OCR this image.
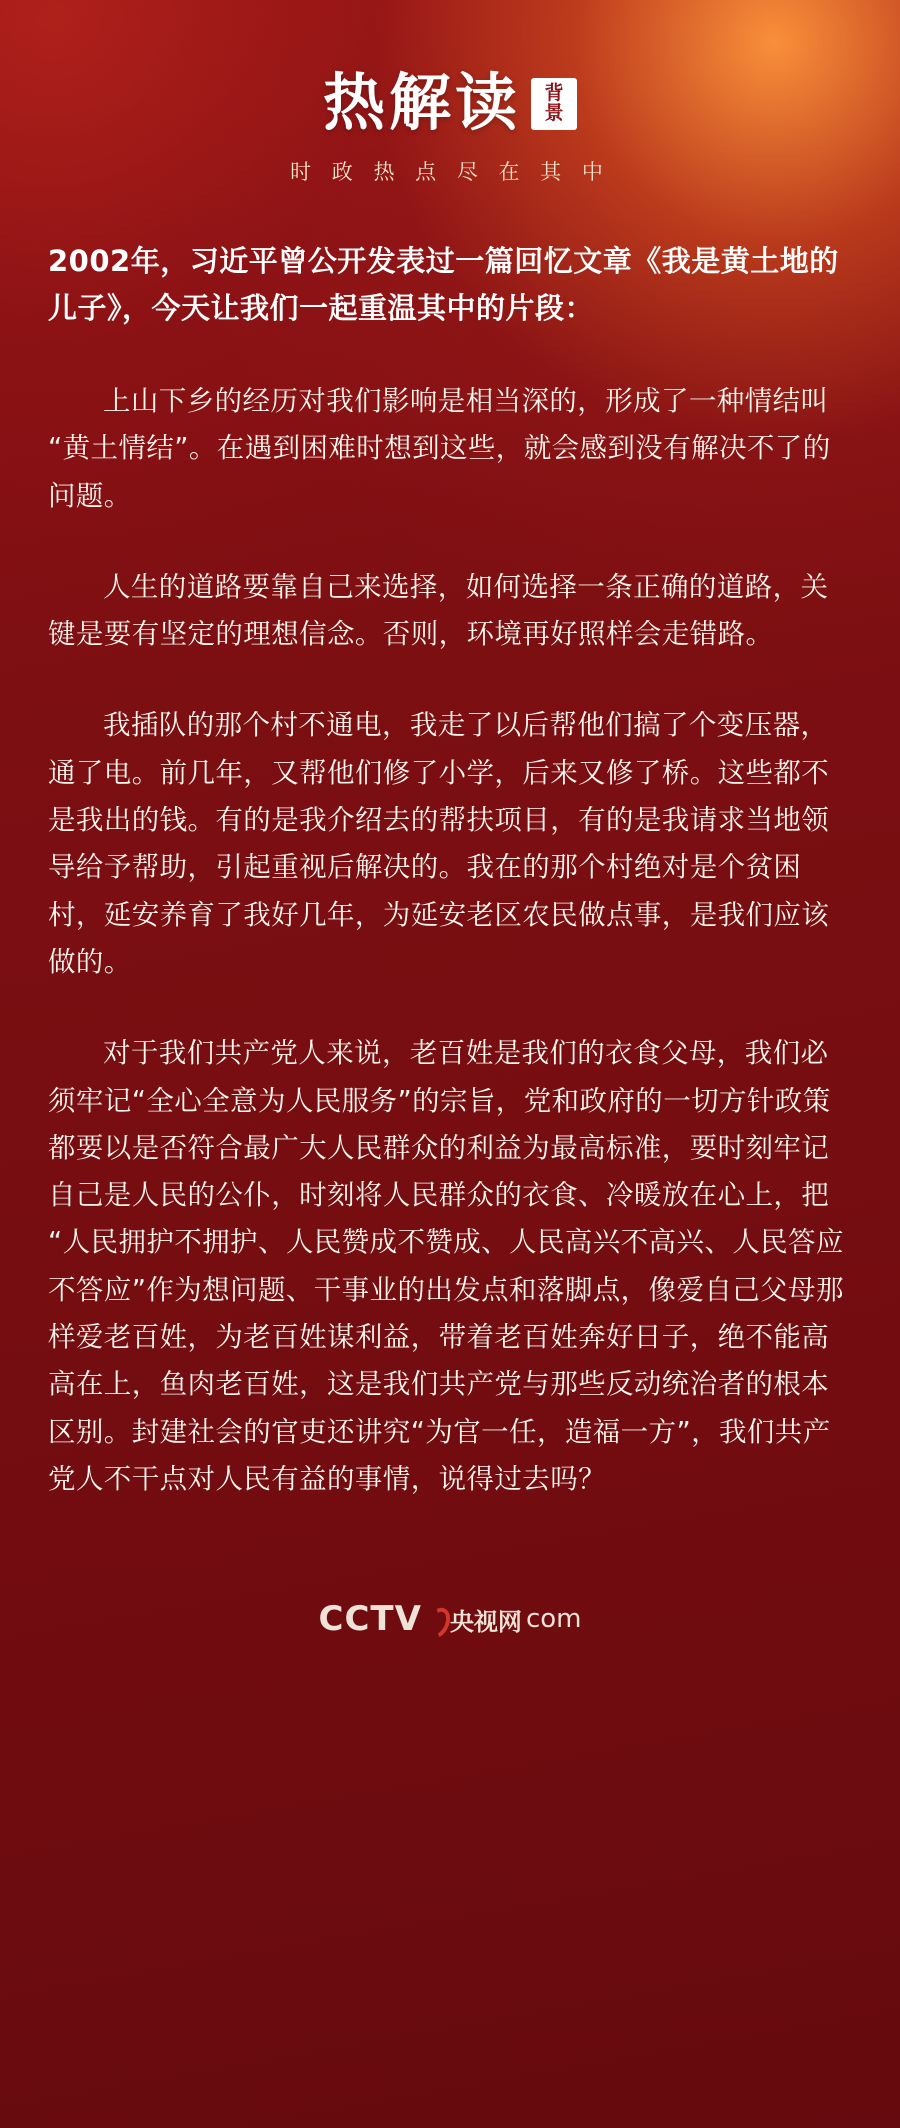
热解读 背
景
时 政 热 点 尽 在 其 中

2002年，习近平曾公开发表过一篇回忆文章《我是黄土地的儿子》，今天让我们一起重温其中的片段：

上山下乡的经历对我们影响是相当深的，形成了一种情结叫“黄土情结”。在遇到困难时想到这些，就会感到没有解决不了的问题。

人生的道路要靠自己来选择，如何选择一条正确的道路，关键是要有坚定的理想信念。否则，环境再好照样会走错路。

我插队的那个村不通电，我走了以后帮他们搞了个变压器，通了电。前几年，又帮他们修了小学，后来又修了桥。这些都不是我出的钱。有的是我介绍去的帮扶项目，有的是我请求当地领导给予帮助，引起重视后解决的。我在的那个村绝对是个贫困村，延安养育了我好几年，为延安老区农民做点事，是我们应该做的。

对于我们共产党人来说，老百姓是我们的衣食父母，我们必须牢记“全心全意为人民服务”的宗旨，党和政府的一切方针政策都要以是否符合最广大人民群众的利益为最高标准，要时刻牢记自己是人民的公仆，时刻将人民群众的衣食、冷暖放在心上，把“人民拥护不拥护、人民赞成不赞成、人民高兴不高兴、人民答应不答应”作为想问题、干事业的出发点和落脚点，像爱自己父母那样爱老百姓，为老百姓谋利益，带着老百姓奔好日子，绝不能高高在上，鱼肉老百姓，这是我们共产党与那些反动统治者的根本区别。封建社会的官吏还讲究“为官一任，造福一方”，我们共产党人不干点对人民有益的事情，说得过去吗？

CCTV 央视网 com
